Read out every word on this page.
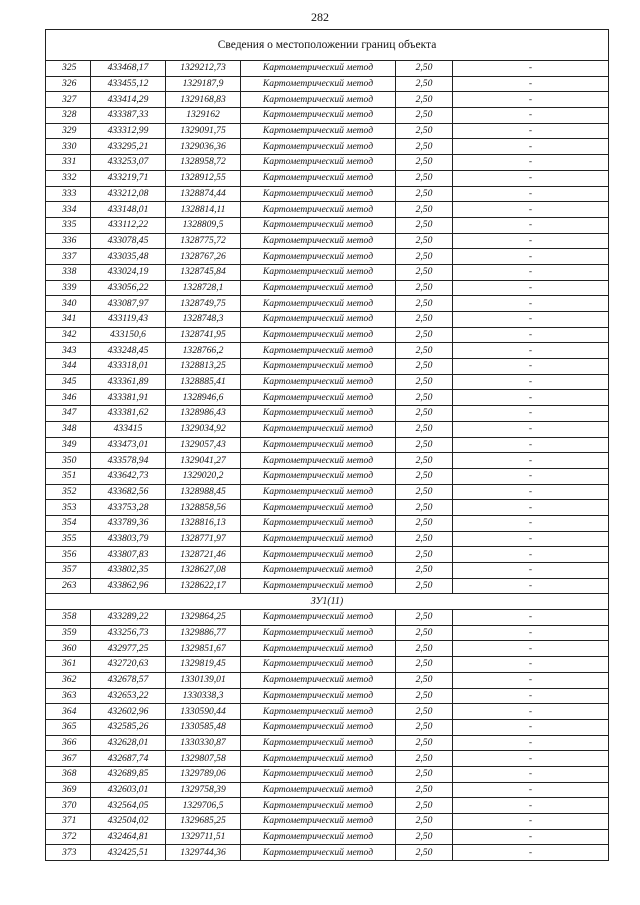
282
Сведения о местоположении границ объекта					
325	433468,17	1329212,73	Картометрический метод	2,50	-
326	433455,12	1329187,9	Картометрический метод	2,50	-
327	433414,29	1329168,83	Картометрический метод	2,50	-
328	433387,33	1329162	Картометрический метод	2,50	-
329	433312,99	1329091,75	Картометрический метод	2,50	-
330	433295,21	1329036,36	Картометрический метод	2,50	-
331	433253,07	1328958,72	Картометрический метод	2,50	-
332	433219,71	1328912,55	Картометрический метод	2,50	-
333	433212,08	1328874,44	Картометрический метод	2,50	-
334	433148,01	1328814,11	Картометрический метод	2,50	-
335	433112,22	1328809,5	Картометрический метод	2,50	-
336	433078,45	1328775,72	Картометрический метод	2,50	-
337	433035,48	1328767,26	Картометрический метод	2,50	-
338	433024,19	1328745,84	Картометрический метод	2,50	-
339	433056,22	1328728,1	Картометрический метод	2,50	-
340	433087,97	1328749,75	Картометрический метод	2,50	-
341	433119,43	1328748,3	Картометрический метод	2,50	-
342	433150,6	1328741,95	Картометрический метод	2,50	-
343	433248,45	1328766,2	Картометрический метод	2,50	-
344	433318,01	1328813,25	Картометрический метод	2,50	-
345	433361,89	1328885,41	Картометрический метод	2,50	-
346	433381,91	1328946,6	Картометрический метод	2,50	-
347	433381,62	1328986,43	Картометрический метод	2,50	-
348	433415	1329034,92	Картометрический метод	2,50	-
349	433473,01	1329057,43	Картометрический метод	2,50	-
350	433578,94	1329041,27	Картометрический метод	2,50	-
351	433642,73	1329020,2	Картометрический метод	2,50	-
352	433682,56	1328988,45	Картометрический метод	2,50	-
353	433753,28	1328858,56	Картометрический метод	2,50	-
354	433789,36	1328816,13	Картометрический метод	2,50	-
355	433803,79	1328771,97	Картометрический метод	2,50	-
356	433807,83	1328721,46	Картометрический метод	2,50	-
357	433802,35	1328627,08	Картометрический метод	2,50	-
263	433862,96	1328622,17	Картометрический метод	2,50	-
ЗУ1(11)					
358	433289,22	1329864,25	Картометрический метод	2,50	-
359	433256,73	1329886,77	Картометрический метод	2,50	-
360	432977,25	1329851,67	Картометрический метод	2,50	-
361	432720,63	1329819,45	Картометрический метод	2,50	-
362	432678,57	1330139,01	Картометрический метод	2,50	-
363	432653,22	1330338,3	Картометрический метод	2,50	-
364	432602,96	1330590,44	Картометрический метод	2,50	-
365	432585,26	1330585,48	Картометрический метод	2,50	-
366	432628,01	1330330,87	Картометрический метод	2,50	-
367	432687,74	1329807,58	Картометрический метод	2,50	-
368	432689,85	1329789,06	Картометрический метод	2,50	-
369	432603,01	1329758,39	Картометрический метод	2,50	-
370	432564,05	1329706,5	Картометрический метод	2,50	-
371	432504,02	1329685,25	Картометрический метод	2,50	-
372	432464,81	1329711,51	Картометрический метод	2,50	-
373	432425,51	1329744,36	Картометрический метод	2,50	-
